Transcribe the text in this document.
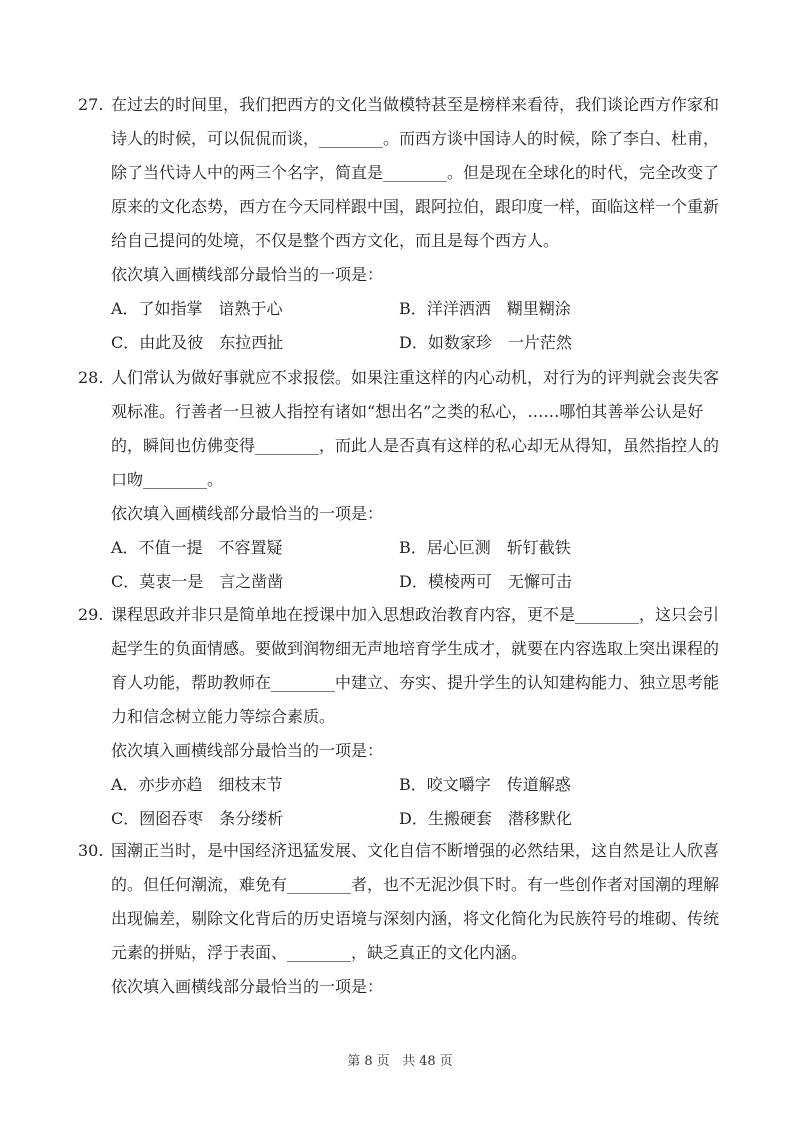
27. 在过去的时间里，我们把西方的文化当做模特甚至是榜样来看待，我们谈论西方作家和诗人的时候，可以侃侃而谈，________。而西方谈中国诗人的时候，除了李白、杜甫，除了当代诗人中的两三个名字，简直是________。但是现在全球化的时代，完全改变了原来的文化态势，西方在今天同样跟中国，跟阿拉伯，跟印度一样，面临这样一个重新给自己提问的处境，不仅是整个西方文化，而且是每个西方人。

依次填入画横线部分最恰当的一项是：

A．了如指掌　谙熟于心	B．洋洋洒洒　糊里糊涂
C．由此及彼　东拉西扯	D．如数家珍　一片茫然

28. 人们常认为做好事就应不求报偿。如果注重这样的内心动机，对行为的评判就会丧失客观标准。行善者一旦被人指控有诸如“想出名”之类的私心，……哪怕其善举公认是好的，瞬间也仿佛变得________，而此人是否真有这样的私心却无从得知，虽然指控人的口吻________。

依次填入画横线部分最恰当的一项是：

A．不值一提　不容置疑	B．居心叵测　斩钉截铁
C．莫衷一是　言之凿凿	D．模棱两可　无懈可击

29. 课程思政并非只是简单地在授课中加入思想政治教育内容，更不是________，这只会引起学生的负面情感。要做到润物细无声地培育学生成才，就要在内容选取上突出课程的育人功能，帮助教师在________中建立、夯实、提升学生的认知建构能力、独立思考能力和信念树立能力等综合素质。

依次填入画横线部分最恰当的一项是：

A．亦步亦趋　细枝末节	B．咬文嚼字　传道解惑
C．囫囵吞枣　条分缕析	D．生搬硬套　潜移默化

30. 国潮正当时，是中国经济迅猛发展、文化自信不断增强的必然结果，这自然是让人欣喜的。但任何潮流，难免有________者，也不无泥沙俱下时。有一些创作者对国潮的理解出现偏差，剔除文化背后的历史语境与深刻内涵，将文化简化为民族符号的堆砌、传统元素的拼贴，浮于表面、________，缺乏真正的文化内涵。

依次填入画横线部分最恰当的一项是：

第 8 页 共 48 页
